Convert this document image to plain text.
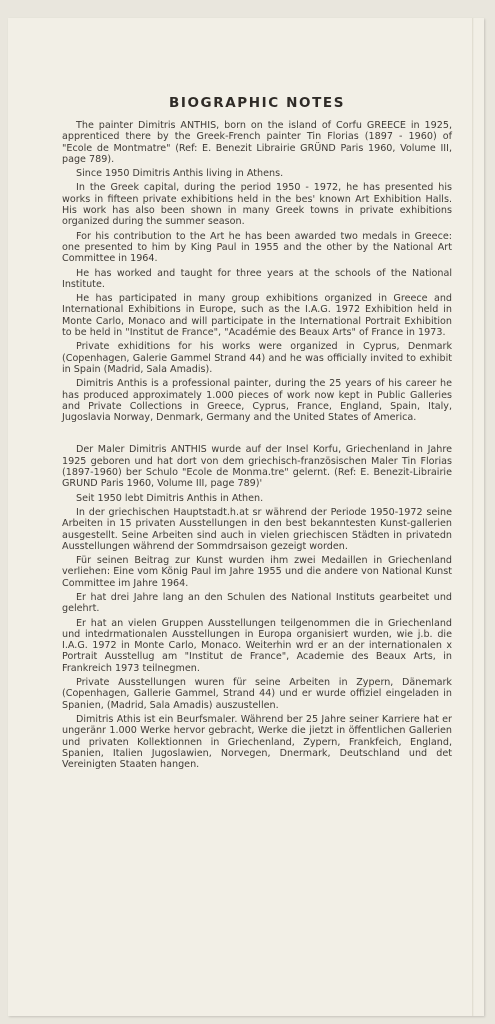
BIOGRAPHIC NOTES

The painter Dimitris ANTHIS, born on the island of Corfu GREECE in 1925, apprenticed there by the Greek-French painter Tin Florias (1897 - 1960) of "Ecole de Montmatre" (Ref: E. Benezit Librairie GRÜND Paris 1960, Volume III, page 789).

Since 1950 Dimitris Anthis living in Athens.

In the Greek capital, during the period 1950 - 1972, he has presented his works in fifteen private exhibitions held in the bes' known Art Exhibition Halls. His work has also been shown in many Greek towns in private exhibitions organized during the summer season.

For his contribution to the Art he has been awarded two medals in Greece: one presented to him by King Paul in 1955 and the other by the National Art Committee in 1964.

He has worked and taught for three years at the schools of the National Institute.

He has participated in many group exhibitions organized in Greece and International Exhibitions in Europe, such as the I.A.G. 1972 Exhibition held in Monte Carlo, Monaco and will participate in the International Portrait Exhibition to be held in "Institut de France", "Académie des Beaux Arts" of France in 1973.

Private exhiditions for his works were organized in Cyprus, Denmark (Copenhagen, Galerie Gammel Strand 44) and he was officially invited to exhibit in Spain (Madrid, Sala Amadis).

Dimitris Anthis is a professional painter, during the 25 years of his career he has produced approximately 1.000 pieces of work now kept in Public Galleries and Private Collections in Greece, Cyprus, France, England, Spain, Italy, Jugoslavia Norway, Denmark, Germany and the United States of America.

Der Maler Dimitris ANTHIS wurde auf der Insel Korfu, Griechenland in Jahre 1925 geboren und hat dort von dem griechisch-französischen Maler Tin Florias (1897-1960) ber Schulo "Ecole de Monma.tre" gelernt. (Ref: E. Benezit-Librairie GRUND Paris 1960, Volume III, page 789)'

Seit 1950 lebt Dimitris Anthis in Athen.

In der griechischen Hauptstadt.h.at sr während der Periode 1950-1972 seine Arbeiten in 15 privaten Ausstellungen in den best bekanntesten Kunst-gallerien ausgestellt. Seine Arbeiten sind auch in vielen griechiscen Städten in privatedn Ausstellungen während der Sommdrsaison gezeigt worden.

Für seinen Beitrag zur Kunst wurden ihm zwei Medaillen in Griechenland verliehen: Eine vom König Paul im Jahre 1955 und die andere von National Kunst Committee im Jahre 1964.

Er hat drei Jahre lang an den Schulen des National Instituts gearbeitet und gelehrt.

Er hat an vielen Gruppen Ausstellungen teilgenommen die in Griechenland und intedrmationalen Ausstellungen in Europa organisiert wurden, wie j.b. die I.A.G. 1972 in Monte Carlo, Monaco. Weiterhin wrd er an der internationalen x Portrait Ausstellug am "Institut de France", Academie des Beaux Arts, in Frankreich 1973 teilnegmen.

Private Ausstellungen wuren für seine Arbeiten in Zypern, Dänemark (Copenhagen, Gallerie Gammel, Strand 44) und er wurde offiziel eingeladen in Spanien, (Madrid, Sala Amadis) auszustellen.

Dimitris Athis ist ein Beurfsmaler. Während ber 25 Jahre seiner Karriere hat er ungeränr 1.000 Werke hervor gebracht, Werke die jietzt in öffentlichen Gallerien und privaten Kollektionnen in Griechenland, Zypern, Frankfeich, England, Spanien, Italien Jugoslawien, Norvegen, Dnermark, Deutschland und det Vereinigten Staaten hangen.
